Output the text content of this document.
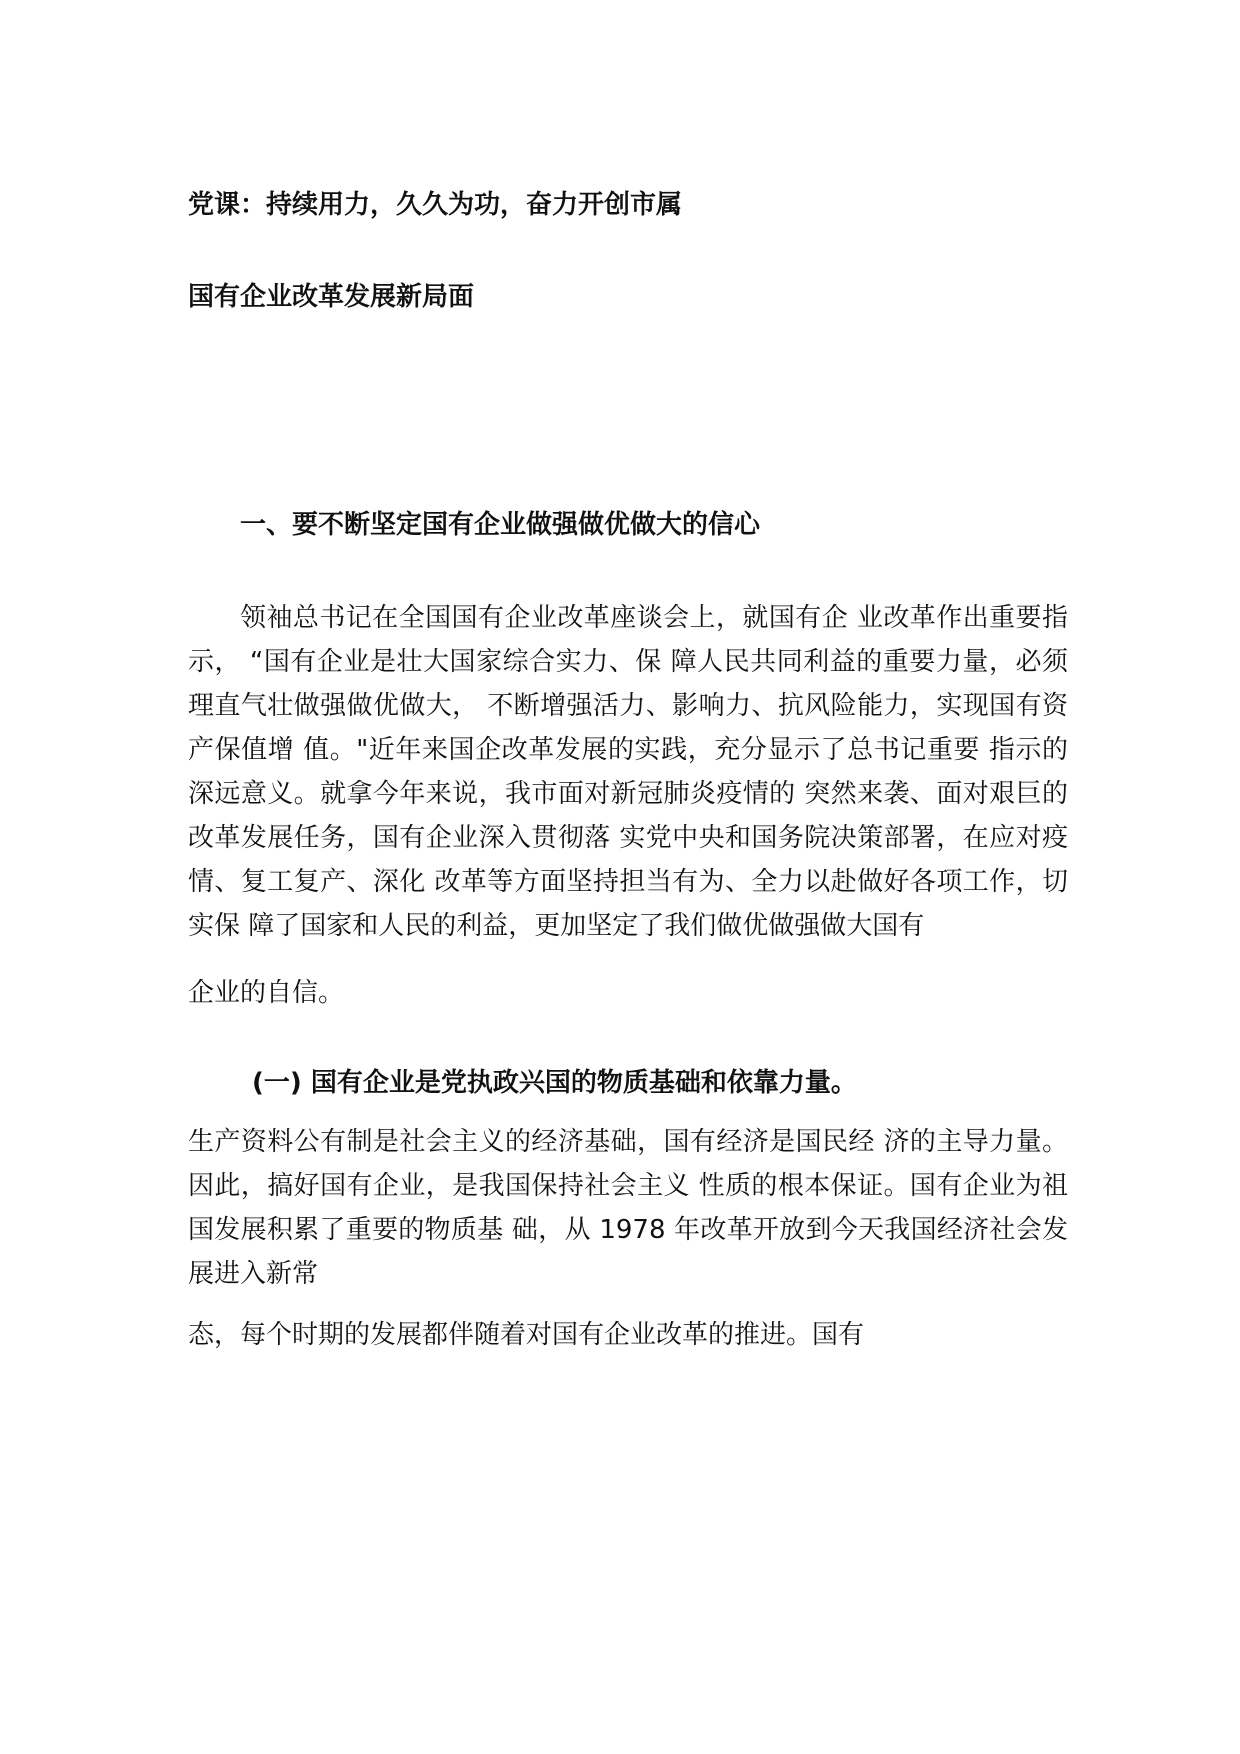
党课：持续用力，久久为功，奋力开创市属

国有企业改革发展新局面

一、要不断坚定国有企业做强做优做大的信心

领袖总书记在全国国有企业改革座谈会上，就国有企 业改革作出重要指示， “国有企业是壮大国家综合实力、保 障人民共同利益的重要力量，必须理直气壮做强做优做大， 不断增强活力、影响力、抗风险能力，实现国有资产保值增 值。"近年来国企改革发展的实践，充分显示了总书记重要 指示的深远意义。就拿今年来说，我市面对新冠肺炎疫情的 突然来袭、面对艰巨的改革发展任务，国有企业深入贯彻落 实党中央和国务院决策部署，在应对疫情、复工复产、深化 改革等方面坚持担当有为、全力以赴做好各项工作，切实保 障了国家和人民的利益，更加坚定了我们做优做强做大国有

企业的自信。

(一) 国有企业是党执政兴国的物质基础和依靠力量。

生产资料公有制是社会主义的经济基础，国有经济是国民经 济的主导力量。因此，搞好国有企业，是我国保持社会主义 性质的根本保证。国有企业为祖国发展积累了重要的物质基 础，从 1978 年改革开放到今天我国经济社会发展进入新常

态，每个时期的发展都伴随着对国有企业改革的推进。国有
